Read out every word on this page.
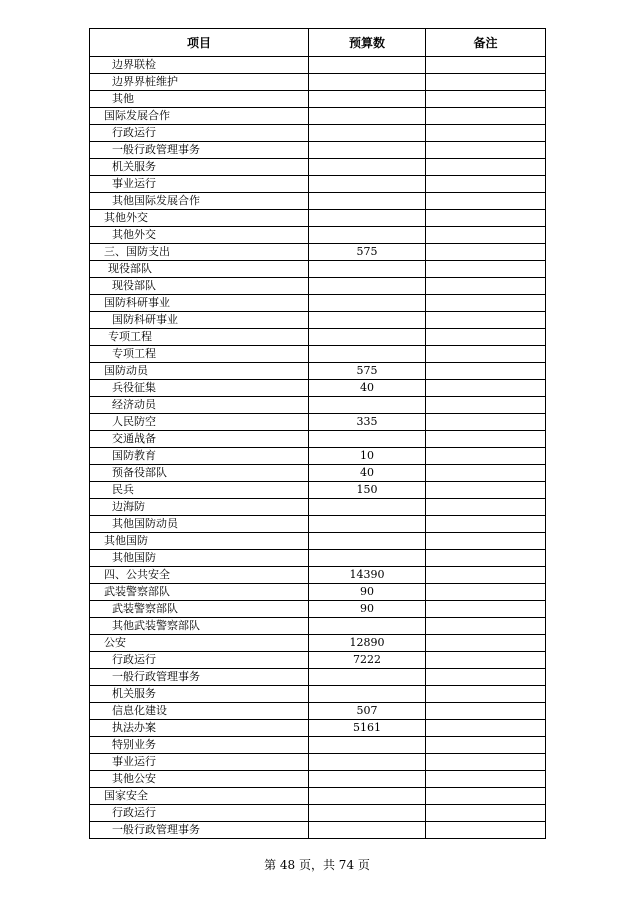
项目	预算数	备注
边界联检		
边界界桩维护		
其他		
国际发展合作		
行政运行		
一般行政管理事务		
机关服务		
事业运行		
其他国际发展合作		
其他外交		
其他外交		
三、国防支出	575	
现役部队		
现役部队		
国防科研事业		
国防科研事业		
专项工程		
专项工程		
国防动员	575	
兵役征集	40	
经济动员		
人民防空	335	
交通战备		
国防教育	10	
预备役部队	40	
民兵	150	
边海防		
其他国防动员		
其他国防		
其他国防		
四、公共安全	14390	
武装警察部队	90	
武装警察部队	90	
其他武装警察部队		
公安	12890	
行政运行	7222	
一般行政管理事务		
机关服务		
信息化建设	507	
执法办案	5161	
特别业务		
事业运行		
其他公安		
国家安全		
行政运行		
一般行政管理事务		
第 48 页，共 74 页
